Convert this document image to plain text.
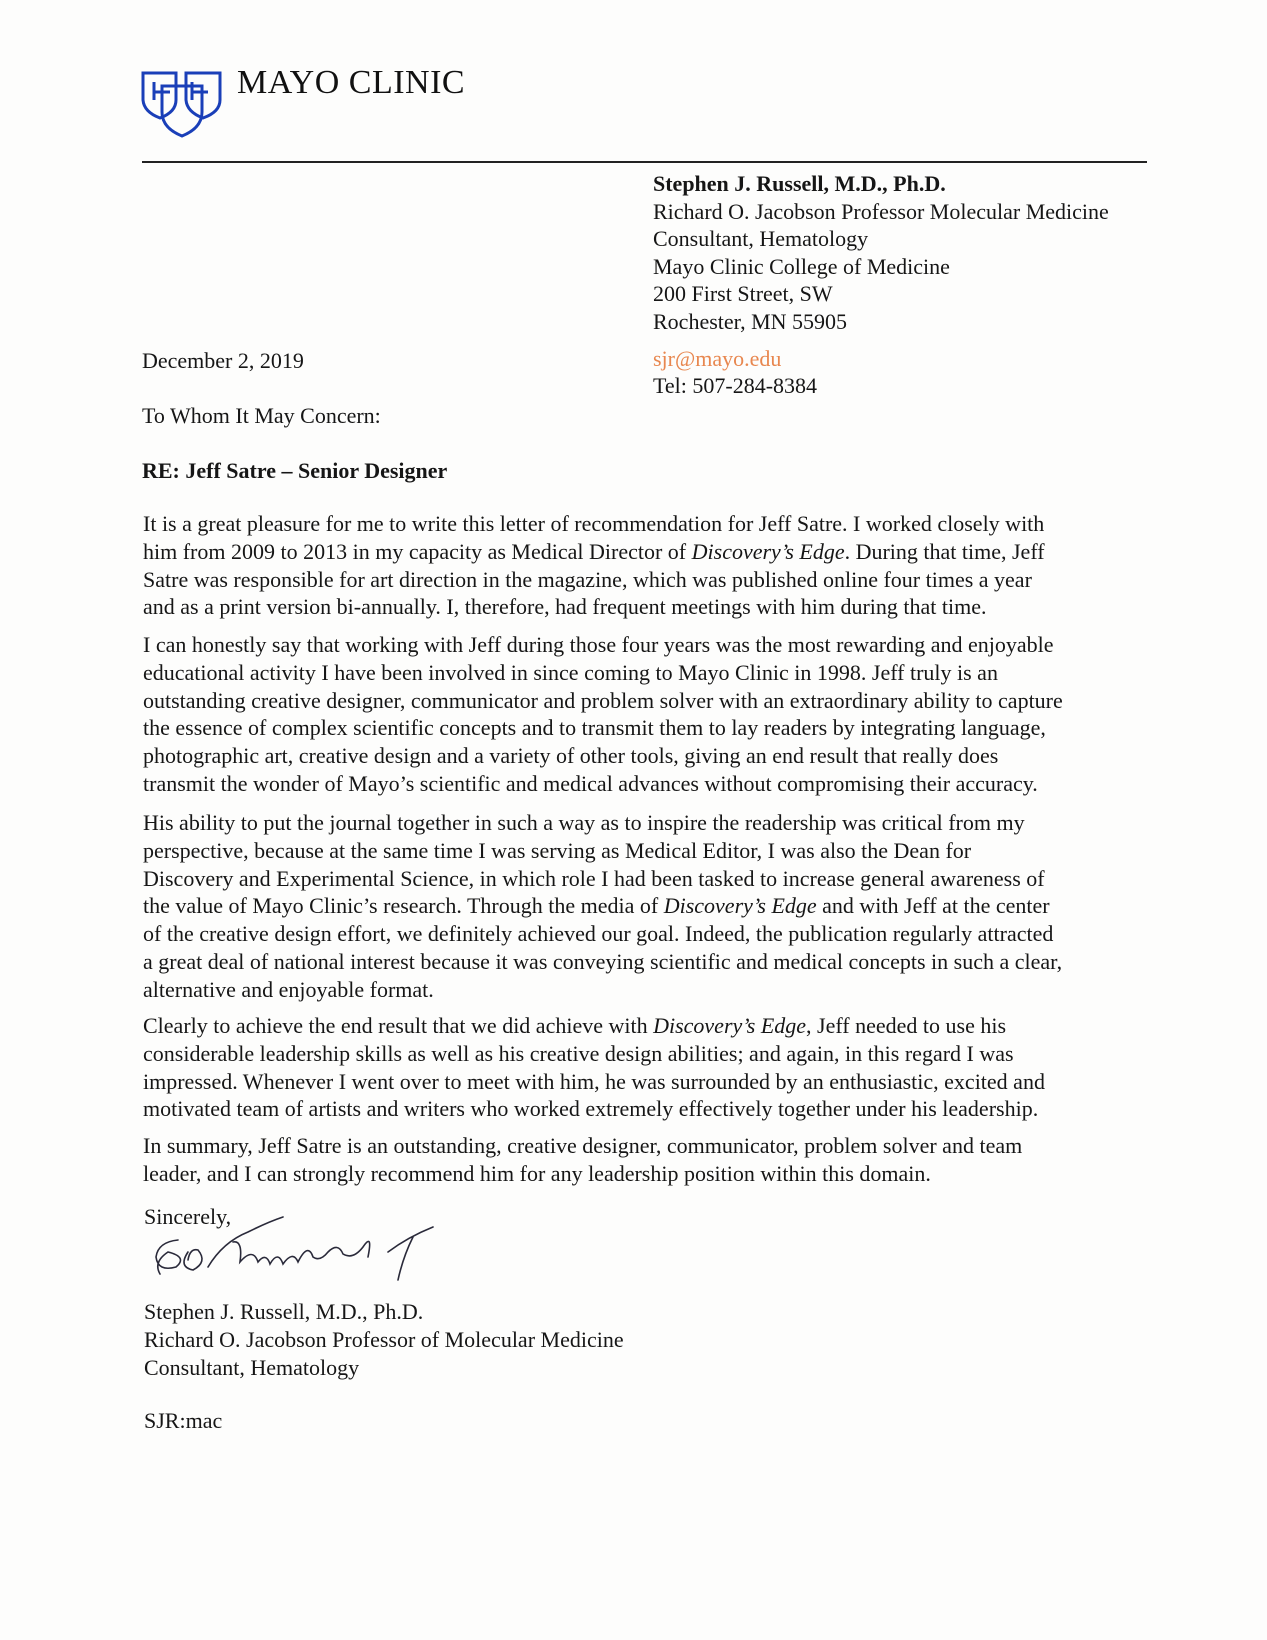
MAYO CLINIC
Stephen J. Russell, M.D., Ph.D.
Richard O. Jacobson Professor Molecular Medicine
Consultant, Hematology
Mayo Clinic College of Medicine
200 First Street, SW
Rochester, MN 55905
sjr@mayo.edu
Tel: 507-284-8384
December 2, 2019
To Whom It May Concern:
RE: Jeff Satre – Senior Designer
It is a great pleasure for me to write this letter of recommendation for Jeff Satre. I worked closely with
him from 2009 to 2013 in my capacity as Medical Director of Discovery’s Edge. During that time, Jeff
Satre was responsible for art direction in the magazine, which was published online four times a year
and as a print version bi-annually. I, therefore, had frequent meetings with him during that time.
I can honestly say that working with Jeff during those four years was the most rewarding and enjoyable
educational activity I have been involved in since coming to Mayo Clinic in 1998. Jeff truly is an
outstanding creative designer, communicator and problem solver with an extraordinary ability to capture
the essence of complex scientific concepts and to transmit them to lay readers by integrating language,
photographic art, creative design and a variety of other tools, giving an end result that really does
transmit the wonder of Mayo’s scientific and medical advances without compromising their accuracy.
His ability to put the journal together in such a way as to inspire the readership was critical from my
perspective, because at the same time I was serving as Medical Editor, I was also the Dean for
Discovery and Experimental Science, in which role I had been tasked to increase general awareness of
the value of Mayo Clinic’s research. Through the media of Discovery’s Edge and with Jeff at the center
of the creative design effort, we definitely achieved our goal. Indeed, the publication regularly attracted
a great deal of national interest because it was conveying scientific and medical concepts in such a clear,
alternative and enjoyable format.
Clearly to achieve the end result that we did achieve with Discovery’s Edge, Jeff needed to use his
considerable leadership skills as well as his creative design abilities; and again, in this regard I was
impressed. Whenever I went over to meet with him, he was surrounded by an enthusiastic, excited and
motivated team of artists and writers who worked extremely effectively together under his leadership.
In summary, Jeff Satre is an outstanding, creative designer, communicator, problem solver and team
leader, and I can strongly recommend him for any leadership position within this domain.
Sincerely,
Stephen J. Russell, M.D., Ph.D.
Richard O. Jacobson Professor of Molecular Medicine
Consultant, Hematology
SJR:mac
